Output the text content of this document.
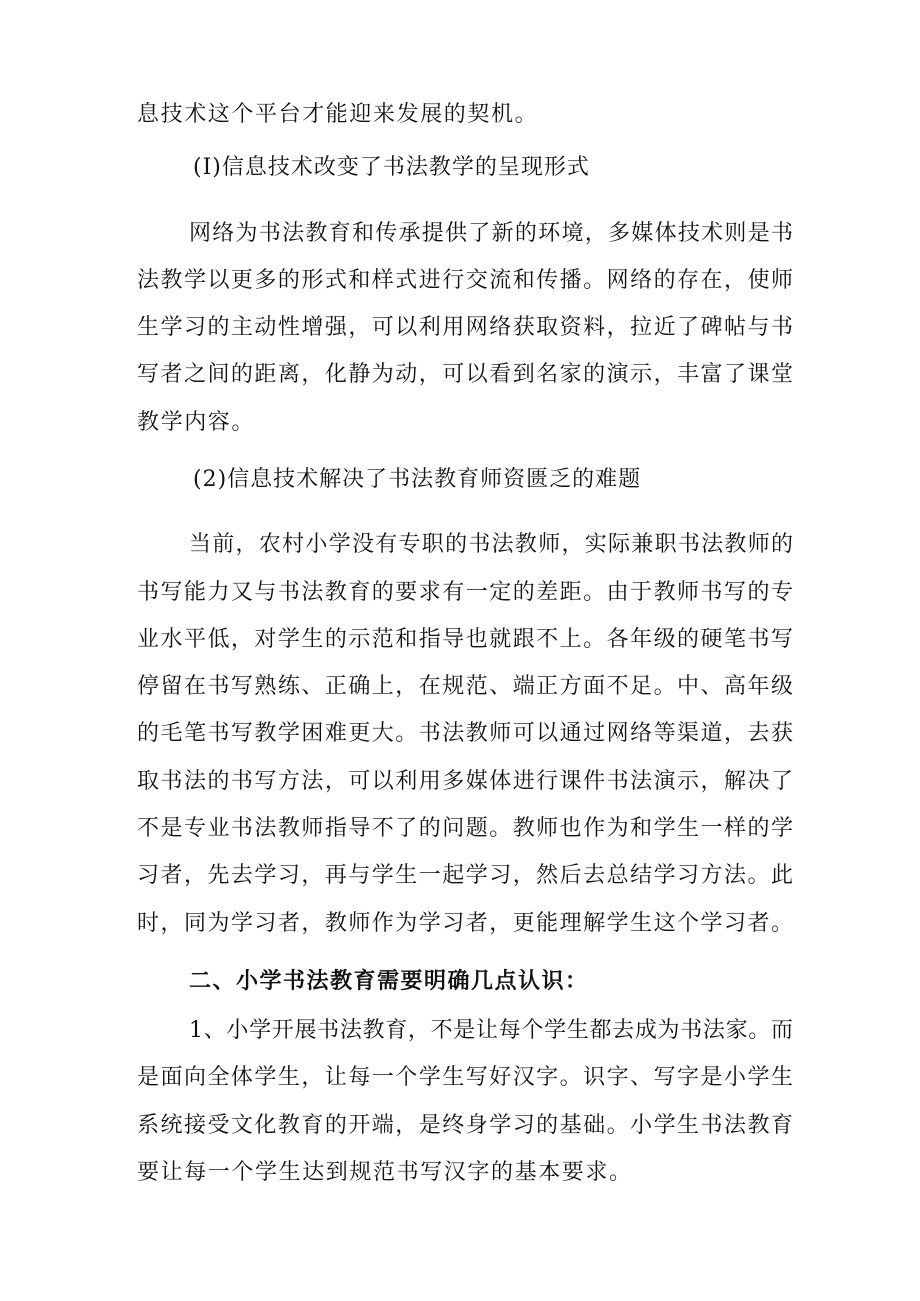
息技术这个平台才能迎来发展的契机。
(I)信息技术改变了书法教学的呈现形式
网络为书法教育和传承提供了新的环境，多媒体技术则是书
法教学以更多的形式和样式进行交流和传播。网络的存在，使师
生学习的主动性增强，可以利用网络获取资料，拉近了碑帖与书
写者之间的距离，化静为动，可以看到名家的演示，丰富了课堂
教学内容。
(2)信息技术解决了书法教育师资匮乏的难题
当前，农村小学没有专职的书法教师，实际兼职书法教师的
书写能力又与书法教育的要求有一定的差距。由于教师书写的专
业水平低，对学生的示范和指导也就跟不上。各年级的硬笔书写
停留在书写熟练、正确上，在规范、端正方面不足。中、高年级
的毛笔书写教学困难更大。书法教师可以通过网络等渠道，去获
取书法的书写方法，可以利用多媒体进行课件书法演示，解决了
不是专业书法教师指导不了的问题。教师也作为和学生一样的学
习者，先去学习，再与学生一起学习，然后去总结学习方法。此
时，同为学习者，教师作为学习者，更能理解学生这个学习者。
二、小学书法教育需要明确几点认识：
1、小学开展书法教育，不是让每个学生都去成为书法家。而
是面向全体学生，让每一个学生写好汉字。识字、写字是小学生
系统接受文化教育的开端，是终身学习的基础。小学生书法教育
要让每一个学生达到规范书写汉字的基本要求。
